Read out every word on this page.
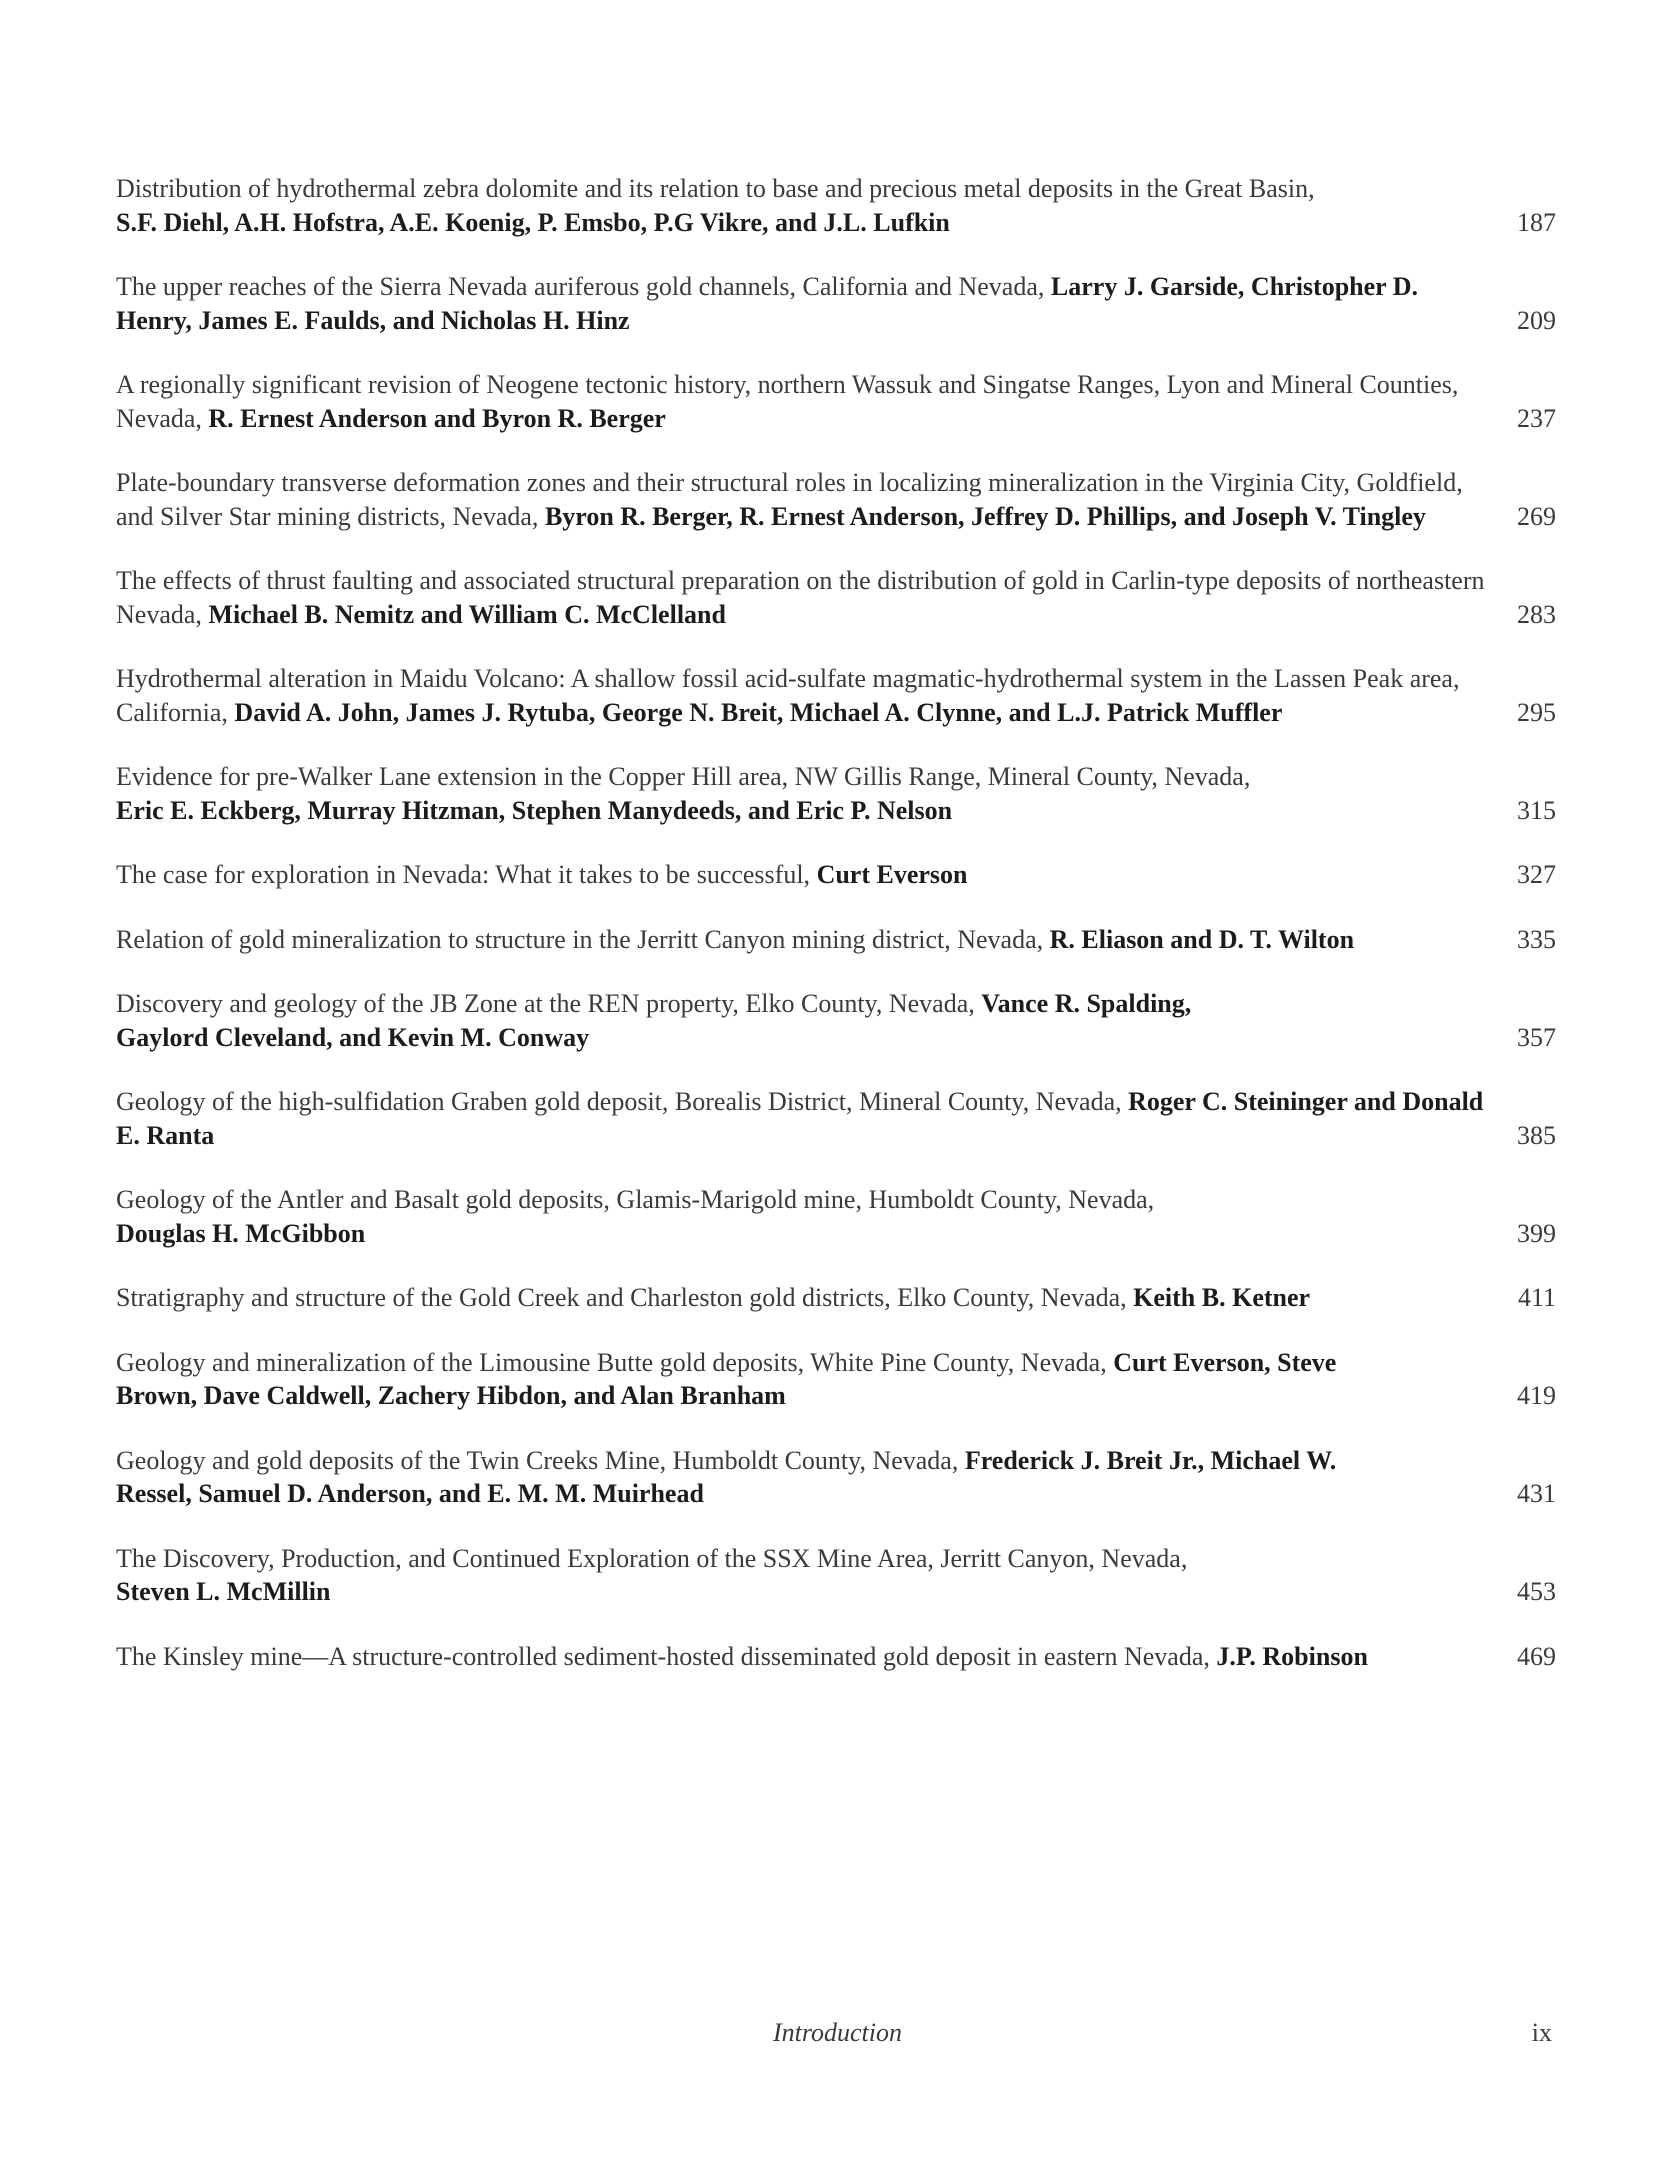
Distribution of hydrothermal zebra dolomite and its relation to base and precious metal deposits in the Great Basin,
S.F. Diehl, A.H. Hofstra, A.E. Koenig, P. Emsbo, P.G Vikre, and J.L. Lufkin	187
The upper reaches of the Sierra Nevada auriferous gold channels, California and Nevada, Larry J. Garside, Christopher D. Henry, James E. Faulds, and Nicholas H. Hinz	209
A regionally significant revision of Neogene tectonic history, northern Wassuk and Singatse Ranges, Lyon and Mineral Counties, Nevada, R. Ernest Anderson and Byron R. Berger	237
Plate-boundary transverse deformation zones and their structural roles in localizing mineralization in the Virginia City, Goldfield, and Silver Star mining districts, Nevada, Byron R. Berger, R. Ernest Anderson, Jeffrey D. Phillips, and Joseph V. Tingley	269
The effects of thrust faulting and associated structural preparation on the distribution of gold in Carlin-type deposits of northeastern Nevada, Michael B. Nemitz and William C. McClelland	283
Hydrothermal alteration in Maidu Volcano: A shallow fossil acid-sulfate magmatic-hydrothermal system in the Lassen Peak area, California, David A. John, James J. Rytuba, George N. Breit, Michael A. Clynne, and L.J. Patrick Muffler	295
Evidence for pre-Walker Lane extension in the Copper Hill area, NW Gillis Range, Mineral County, Nevada,
Eric E. Eckberg, Murray Hitzman, Stephen Manydeeds, and Eric P. Nelson	315
The case for exploration in Nevada: What it takes to be successful, Curt Everson	327
Relation of gold mineralization to structure in the Jerritt Canyon mining district, Nevada, R. Eliason and D. T. Wilton	335
Discovery and geology of the JB Zone at the REN property, Elko County, Nevada, Vance R. Spalding, Gaylord Cleveland, and Kevin M. Conway	357
Geology of the high-sulfidation Graben gold deposit, Borealis District, Mineral County, Nevada, Roger C. Steininger and Donald E. Ranta	385
Geology of the Antler and Basalt gold deposits, Glamis-Marigold mine, Humboldt County, Nevada,
Douglas H. McGibbon	399
Stratigraphy and structure of the Gold Creek and Charleston gold districts, Elko County, Nevada, Keith B. Ketner	411
Geology and mineralization of the Limousine Butte gold deposits, White Pine County, Nevada, Curt Everson, Steve Brown, Dave Caldwell, Zachery Hibdon, and Alan Branham	419
Geology and gold deposits of the Twin Creeks Mine, Humboldt County, Nevada, Frederick J. Breit Jr., Michael W. Ressel, Samuel D. Anderson, and E. M. M. Muirhead	431
The Discovery, Production, and Continued Exploration of the SSX Mine Area, Jerritt Canyon, Nevada,
Steven L. McMillin	453
The Kinsley mine—A structure-controlled sediment-hosted disseminated gold deposit in eastern Nevada, J.P. Robinson	469
Introduction	ix
